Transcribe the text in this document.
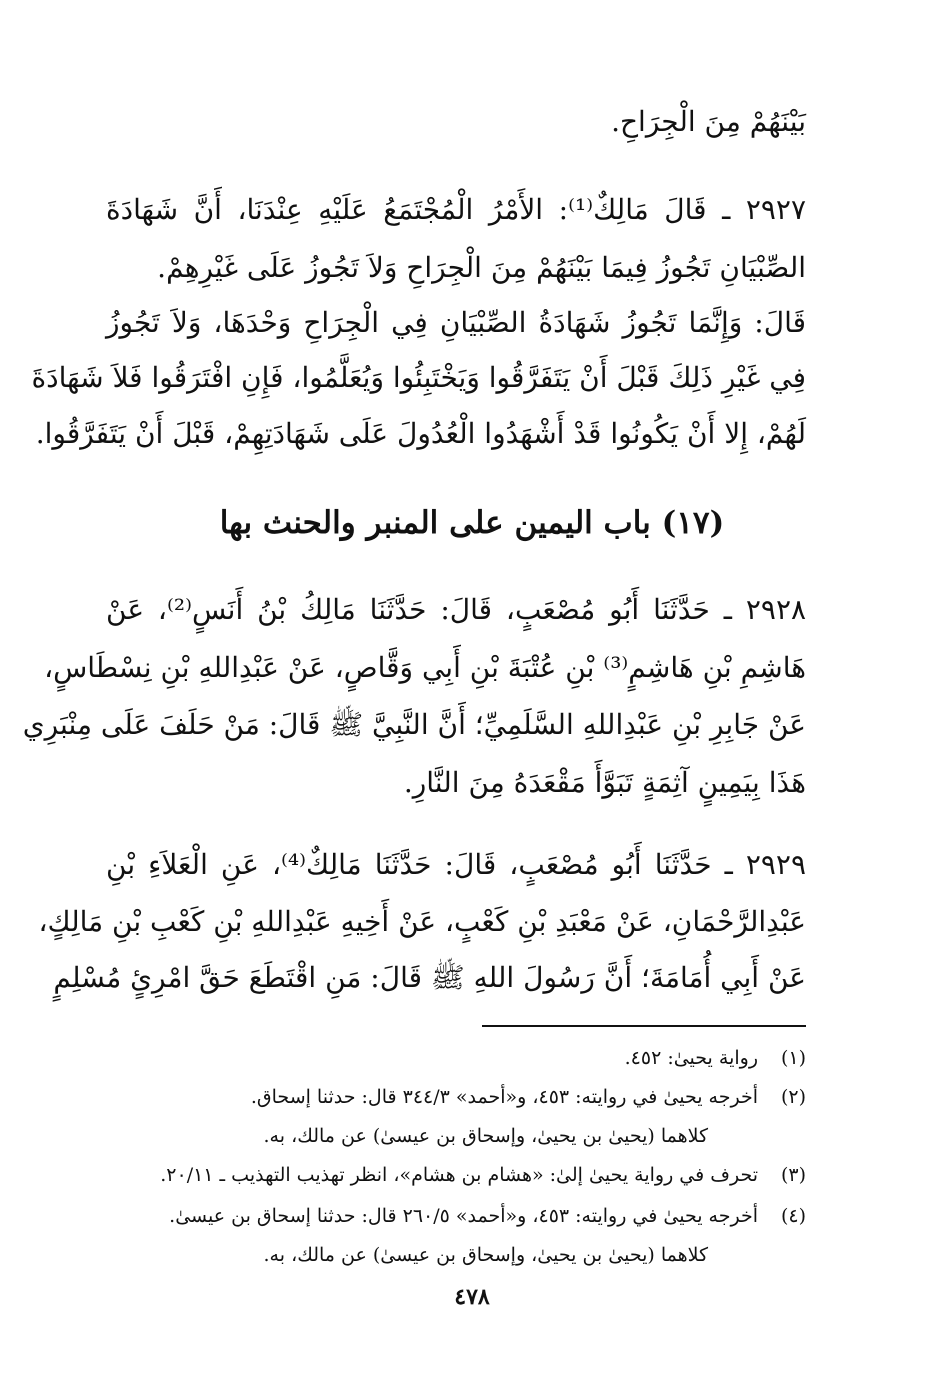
بَيْنَهُمْ مِنَ الْجِرَاحِ.
٢٩٢٧ ـ قَالَ مَالِكٌ⁽¹⁾: الأَمْرُ الْمُجْتَمَعُ عَلَيْهِ عِنْدَنَا، أَنَّ شَهَادَةَ
الصِّبْيَانِ تَجُوزُ فِيمَا بَيْنَهُمْ مِنَ الْجِرَاحِ وَلاَ تَجُوزُ عَلَى غَيْرِهِمْ.
قَالَ: وَإِنَّمَا تَجُوزُ شَهَادَةُ الصِّبْيَانِ فِي الْجِرَاحِ وَحْدَهَا، وَلاَ تَجُوزُ
فِي غَيْرِ ذَلِكَ قَبْلَ أَنْ يَتَفَرَّقُوا وَيَخْتَبِئُوا وَيُعَلَّمُوا، فَإِنِ افْتَرَقُوا فَلاَ شَهَادَةَ
لَهُمْ، إِلا أَنْ يَكُونُوا قَدْ أَشْهَدُوا الْعُدُولَ عَلَى شَهَادَتِهِمْ، قَبْلَ أَنْ يَتَفَرَّقُوا.
(١٧) باب اليمين على المنبر والحنث بها
٢٩٢٨ ـ حَدَّثَنَا أَبُو مُصْعَبٍ، قَالَ: حَدَّثَنَا مَالِكُ بْنُ أَنَسٍ⁽²⁾، عَنْ
هَاشِمِ بْنِ هَاشِمٍ⁽³⁾ بْنِ عُتْبَةَ بْنِ أَبِي وَقَّاصٍ، عَنْ عَبْدِاللهِ بْنِ نِسْطَاسٍ،
عَنْ جَابِرِ بْنِ عَبْدِاللهِ السَّلَمِيِّ؛ أَنَّ النَّبِيَّ ﷺ قَالَ: مَنْ حَلَفَ عَلَى مِنْبَرِي
هَذَا بِيَمِينٍ آثِمَةٍ تَبَوَّأَ مَقْعَدَهُ مِنَ النَّارِ.
٢٩٢٩ ـ حَدَّثَنَا أَبُو مُصْعَبٍ، قَالَ: حَدَّثَنَا مَالِكٌ⁽⁴⁾، عَنِ الْعَلاَءِ بْنِ
عَبْدِالرَّحْمَانِ، عَنْ مَعْبَدِ بْنِ كَعْبٍ، عَنْ أَخِيهِ عَبْدِاللهِ بْنِ كَعْبِ بْنِ مَالِكٍ،
عَنْ أَبِي أُمَامَةَ؛ أَنَّ رَسُولَ اللهِ ﷺ قَالَ: مَنِ اقْتَطَعَ حَقَّ امْرِئٍ مُسْلِمٍ
(١)
رواية يحيىٰ: ٤٥٢.
(٢)
أخرجه يحيىٰ في روايته: ٤٥٣، و«أحمد» ٣٤٤/٣ قال: حدثنا إسحاق.
كلاهما (يحيىٰ بن يحيىٰ، وإسحاق بن عيسىٰ) عن مالك، به.
(٣)
تحرف في رواية يحيىٰ إلىٰ: «هشام بن هشام»، انظر تهذيب التهذيب ـ ٢٠/١١.
(٤)
أخرجه يحيىٰ في روايته: ٤٥٣، و«أحمد» ٢٦٠/٥ قال: حدثنا إسحاق بن عيسىٰ.
كلاهما (يحيىٰ بن يحيىٰ، وإسحاق بن عيسىٰ) عن مالك، به.
٤٧٨
